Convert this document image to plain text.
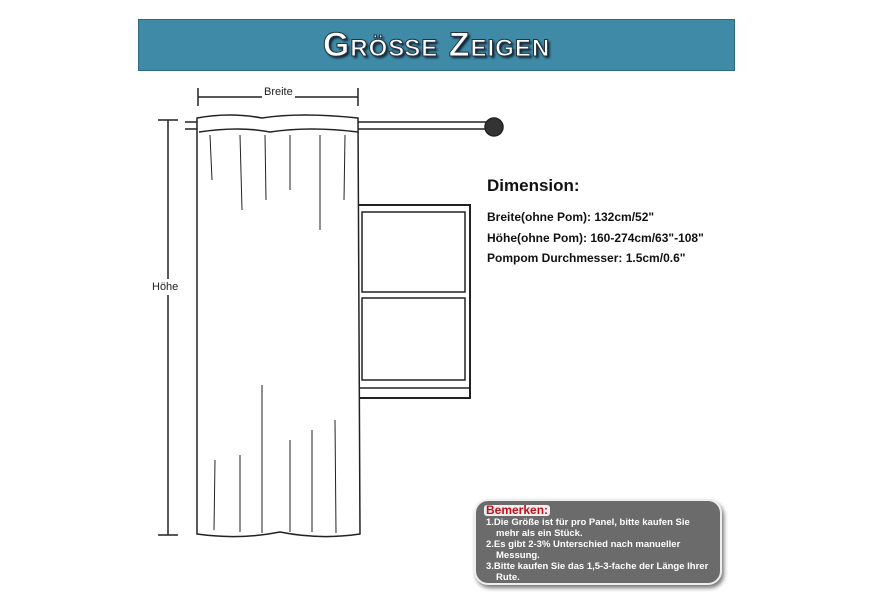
Größe Zeigen
Breite
Höhe
Dimension:
Breite(ohne Pom): 132cm/52"
Höhe(ohne Pom): 160-274cm/63"-108"
Pompom Durchmesser: 1.5cm/0.6"
Bemerken:
1.Die Größe ist für pro Panel, bitte kaufen Sie mehr als ein Stück.
2.Es gibt 2-3% Unterschied nach manueller Messung.
3.Bitte kaufen Sie das 1,5-3-fache der Länge Ihrer Rute.
